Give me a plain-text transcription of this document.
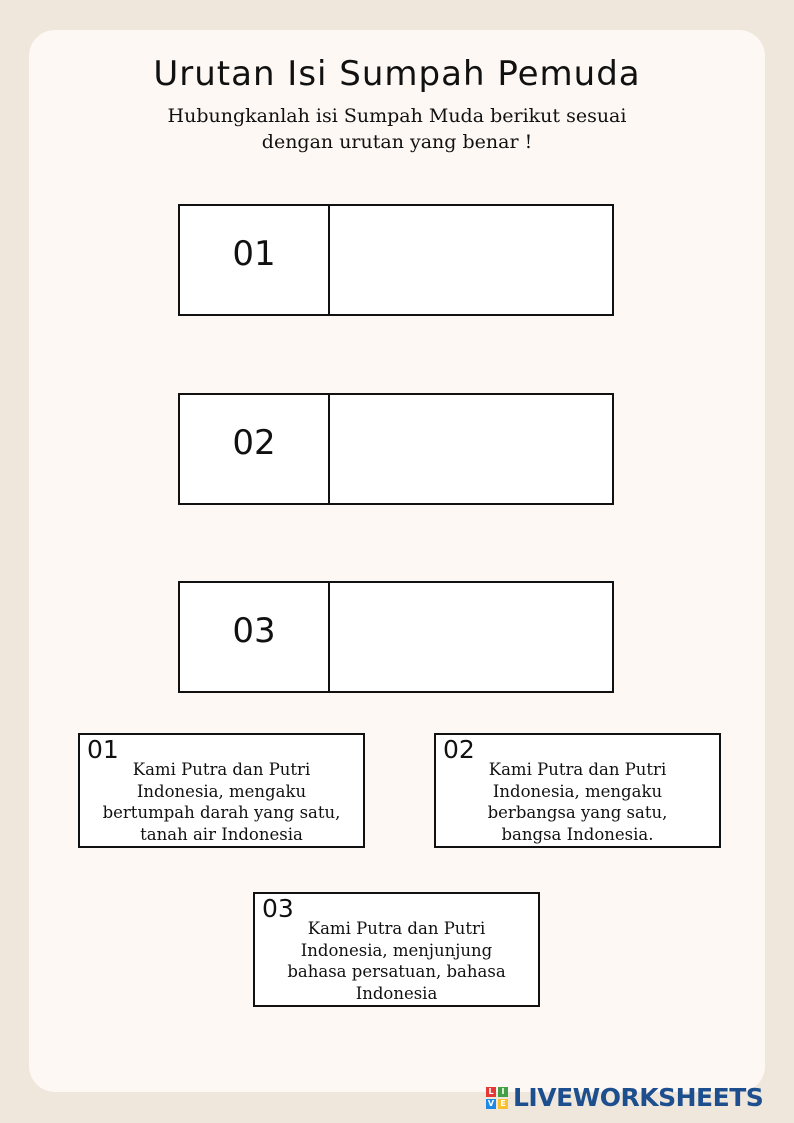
Urutan Isi Sumpah Pemuda
Hubungkanlah isi Sumpah Muda berikut sesuai
dengan urutan yang benar !
01
02
03
01
Kami Putra dan Putri
Indonesia, mengaku
bertumpah darah yang satu,
tanah air Indonesia
02
Kami Putra dan Putri
Indonesia, mengaku
berbangsa yang satu,
bangsa Indonesia.
03
Kami Putra dan Putri
Indonesia, menjunjung
bahasa persatuan, bahasa
Indonesia
L I
V E LIVEWORKSHEETS
